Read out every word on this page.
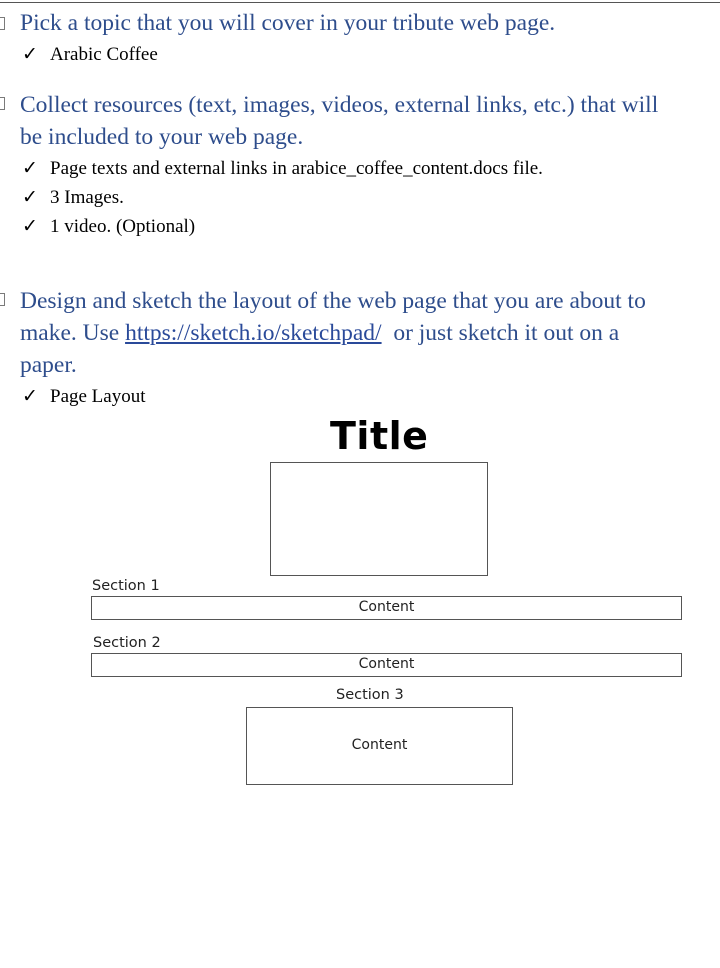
Pick a topic that you will cover in your tribute web page.
✓ Arabic Coffee
Collect resources (text, images, videos, external links, etc.) that will
be included to your web page.
✓ Page texts and external links in arabice_coffee_content.docs file.
✓ 3 Images.
✓ 1 video. (Optional)
Design and sketch the layout of the web page that you are about to
make. Use https://sketch.io/sketchpad/  or just sketch it out on a
paper.
✓ Page Layout
Title
Section 1
Content
Section 2
Content
Section 3
Content
